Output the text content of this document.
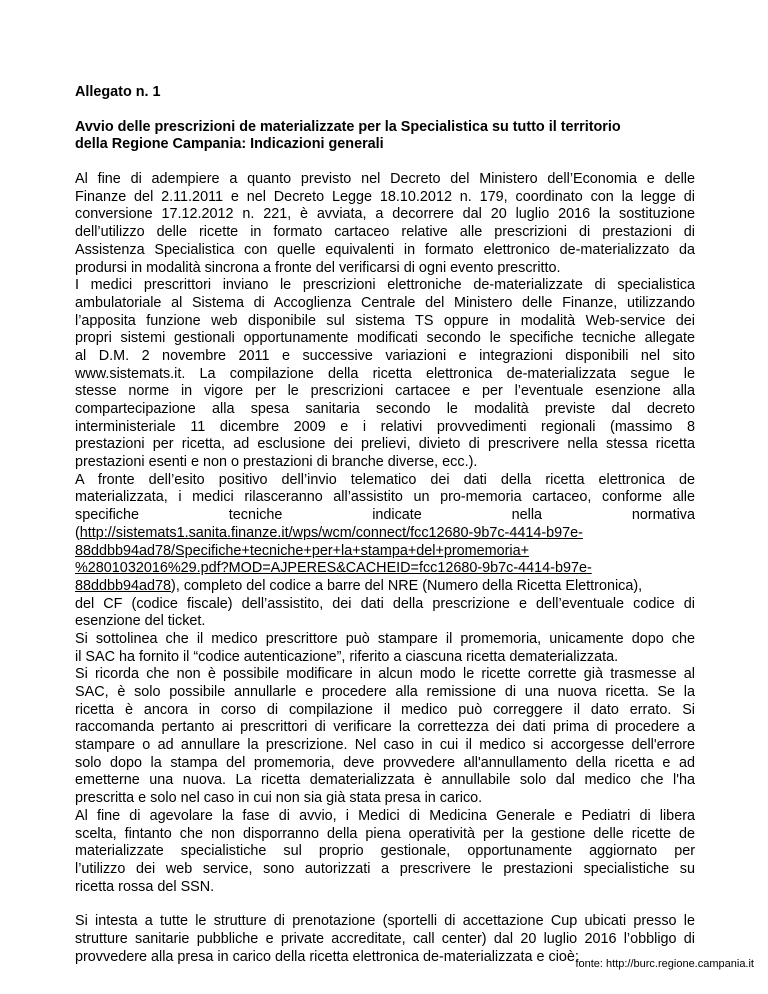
Allegato n. 1
Avvio delle prescrizioni de materializzate per la Specialistica su tutto il territorio
della Regione Campania: Indicazioni generali
Al fine di adempiere a quanto previsto nel Decreto del Ministero dell’Economia e delle
Finanze del 2.11.2011 e nel Decreto Legge 18.10.2012 n. 179, coordinato con la legge di
conversione 17.12.2012 n. 221, è avviata, a decorrere dal 20 luglio 2016 la sostituzione
dell’utilizzo delle ricette in formato cartaceo relative alle prescrizioni di prestazioni di
Assistenza Specialistica con quelle equivalenti in formato elettronico de-materializzato da
prodursi in modalità sincrona a fronte del verificarsi di ogni evento prescritto.
I medici prescrittori inviano le prescrizioni elettroniche de-materializzate di specialistica
ambulatoriale al Sistema di Accoglienza Centrale del Ministero delle Finanze, utilizzando
l’apposita funzione web disponibile sul sistema TS oppure in modalità Web-service dei
propri sistemi gestionali opportunamente modificati secondo le specifiche tecniche allegate
al D.M. 2 novembre 2011 e successive variazioni e integrazioni disponibili nel sito
www.sistemats.it. La compilazione della ricetta elettronica de-materializzata segue le
stesse norme in vigore per le prescrizioni cartacee e per l’eventuale esenzione alla
compartecipazione alla spesa sanitaria secondo le modalità previste dal decreto
interministeriale 11 dicembre 2009 e i relativi provvedimenti regionali (massimo 8
prestazioni per ricetta, ad esclusione dei prelievi, divieto di prescrivere nella stessa ricetta
prestazioni esenti e non o prestazioni di branche diverse, ecc.).
A fronte dell’esito positivo dell’invio telematico dei dati della ricetta elettronica de
materializzata, i medici rilasceranno all’assistito un pro-memoria cartaceo, conforme alle
specifiche	tecniche	indicate	nella	normativa
(http://sistemats1.sanita.finanze.it/wps/wcm/connect/fcc12680-9b7c-4414-b97e-
88ddbb94ad78/Specifiche+tecniche+per+la+stampa+del+promemoria+
%2801032016%29.pdf?MOD=AJPERES&CACHEID=fcc12680-9b7c-4414-b97e-
88ddbb94ad78), completo del codice a barre del NRE (Numero della Ricetta Elettronica),
del CF (codice fiscale) dell’assistito, dei dati della prescrizione e dell’eventuale codice di
esenzione del ticket.
Si sottolinea che il medico prescrittore può stampare il promemoria, unicamente dopo che
il SAC ha fornito il “codice autenticazione”, riferito a ciascuna ricetta dematerializzata.
Si ricorda che non è possibile modificare in alcun modo le ricette corrette già trasmesse al
SAC, è solo possibile annullarle e procedere alla remissione di una nuova ricetta. Se la
ricetta è ancora in corso di compilazione il medico può correggere il dato errato. Si
raccomanda pertanto ai prescrittori di verificare la correttezza dei dati prima di procedere a
stampare o ad annullare la prescrizione. Nel caso in cui il medico si accorgesse dell'errore
solo dopo la stampa del promemoria, deve provvedere all'annullamento della ricetta e ad
emetterne una nuova. La ricetta dematerializzata è annullabile solo dal medico che l'ha
prescritta e solo nel caso in cui non sia già stata presa in carico.
Al fine di agevolare la fase di avvio, i Medici di Medicina Generale e Pediatri di libera
scelta, fintanto che non disporranno della piena operatività per la gestione delle ricette de
materializzate specialistiche sul proprio gestionale, opportunamente aggiornato per
l’utilizzo dei web service, sono autorizzati a prescrivere le prestazioni specialistiche su
ricetta rossa del SSN.
Si intesta a tutte le strutture di prenotazione (sportelli di accettazione Cup ubicati presso le
strutture sanitarie pubbliche e private accreditate, call center) dal 20 luglio 2016 l’obbligo di
provvedere alla presa in carico della ricetta elettronica de-materializzata e cioè:
fonte: http://burc.regione.campania.it
